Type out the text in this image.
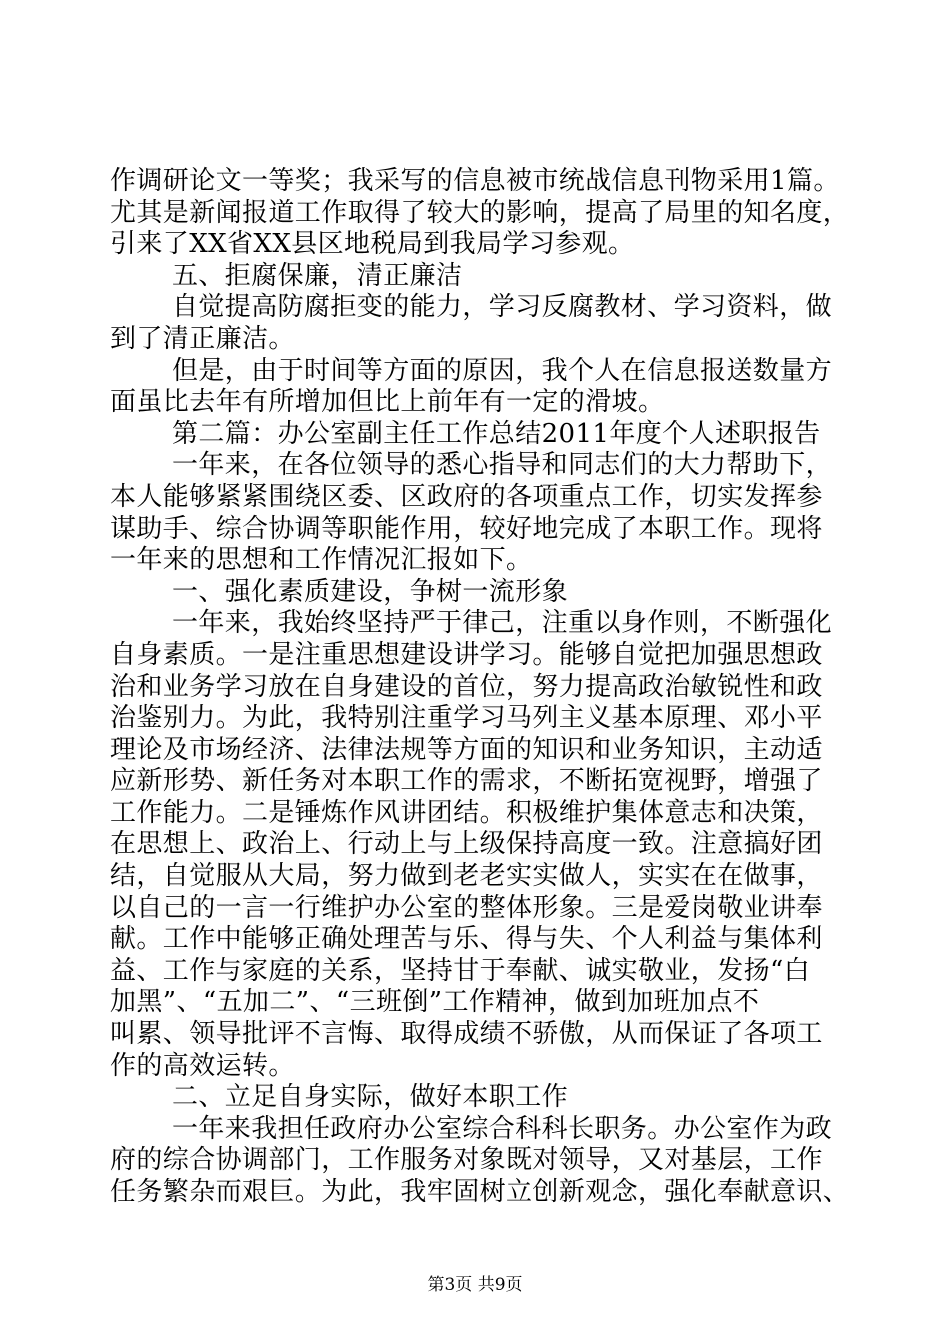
作调研论文一等奖；我采写的信息被市统战信息刊物采用1篇。
尤其是新闻报道工作取得了较大的影响，提高了局里的知名度，
引来了XX省XX县区地税局到我局学习参观。
五、拒腐保廉，清正廉洁
自觉提高防腐拒变的能力，学习反腐教材、学习资料，做
到了清正廉洁。
但是，由于时间等方面的原因，我个人在信息报送数量方
面虽比去年有所增加但比上前年有一定的滑坡。
第二篇：办公室副主任工作总结2011年度个人述职报告
一年来，在各位领导的悉心指导和同志们的大力帮助下，
本人能够紧紧围绕区委、区政府的各项重点工作，切实发挥参
谋助手、综合协调等职能作用，较好地完成了本职工作。现将
一年来的思想和工作情况汇报如下。
一、强化素质建设，争树一流形象
一年来，我始终坚持严于律己，注重以身作则，不断强化
自身素质。一是注重思想建设讲学习。能够自觉把加强思想政
治和业务学习放在自身建设的首位，努力提高政治敏锐性和政
治鉴别力。为此，我特别注重学习马列主义基本原理、邓小平
理论及市场经济、法律法规等方面的知识和业务知识，主动适
应新形势、新任务对本职工作的需求，不断拓宽视野，增强了
工作能力。二是锤炼作风讲团结。积极维护集体意志和决策，
在思想上、政治上、行动上与上级保持高度一致。注意搞好团
结，自觉服从大局，努力做到老老实实做人，实实在在做事，
以自己的一言一行维护办公室的整体形象。三是爱岗敬业讲奉
献。工作中能够正确处理苦与乐、得与失、个人利益与集体利
益、工作与家庭的关系，坚持甘于奉献、诚实敬业，发扬“白
加黑”、“五加二”、“三班倒”工作精神，做到加班加点不
叫累、领导批评不言悔、取得成绩不骄傲，从而保证了各项工
作的高效运转。
二、立足自身实际，做好本职工作
一年来我担任政府办公室综合科科长职务。办公室作为政
府的综合协调部门，工作服务对象既对领导，又对基层，工作
任务繁杂而艰巨。为此，我牢固树立创新观念，强化奉献意识、
第3页 共9页
